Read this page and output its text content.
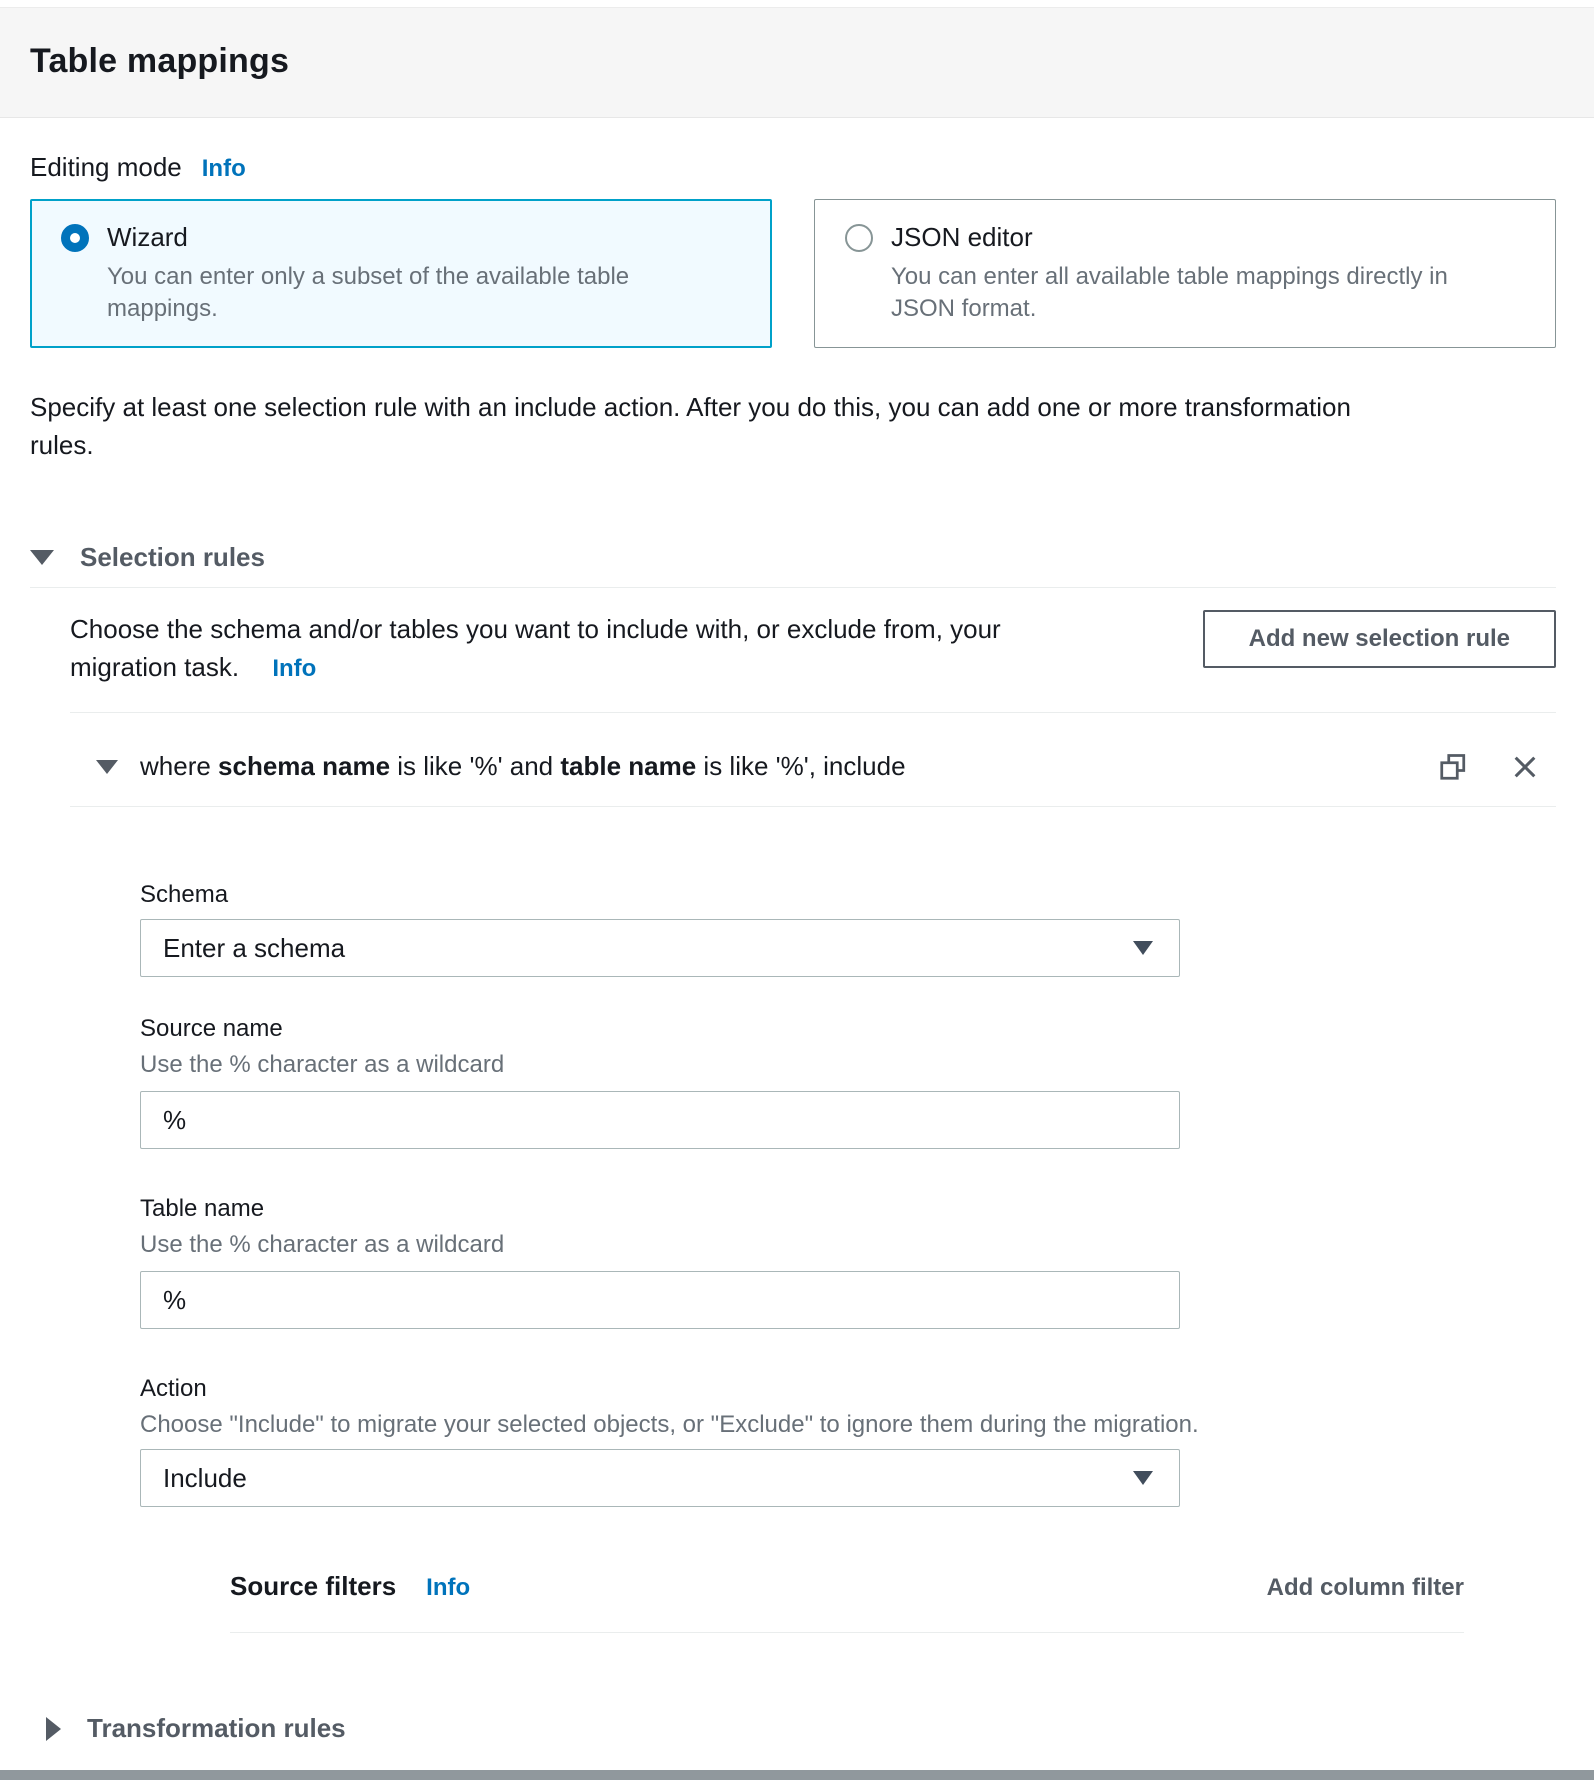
Table mappings
Editing mode Info
Wizard
You can enter only a subset of the available table mappings.
JSON editor
You can enter all available table mappings directly in JSON format.
Specify at least one selection rule with an include action. After you do this, you can add one or more transformation rules.
Selection rules
Choose the schema and/or tables you want to include with, or exclude from, your migration task. Info
Add new selection rule
where schema name is like '%' and table name is like '%', include
Schema
Enter a schema
Source name
Use the % character as a wildcard
%
Table name
Use the % character as a wildcard
%
Action
Choose "Include" to migrate your selected objects, or "Exclude" to ignore them during the migration.
Include
Source filters Info	Add column filter
Transformation rules
